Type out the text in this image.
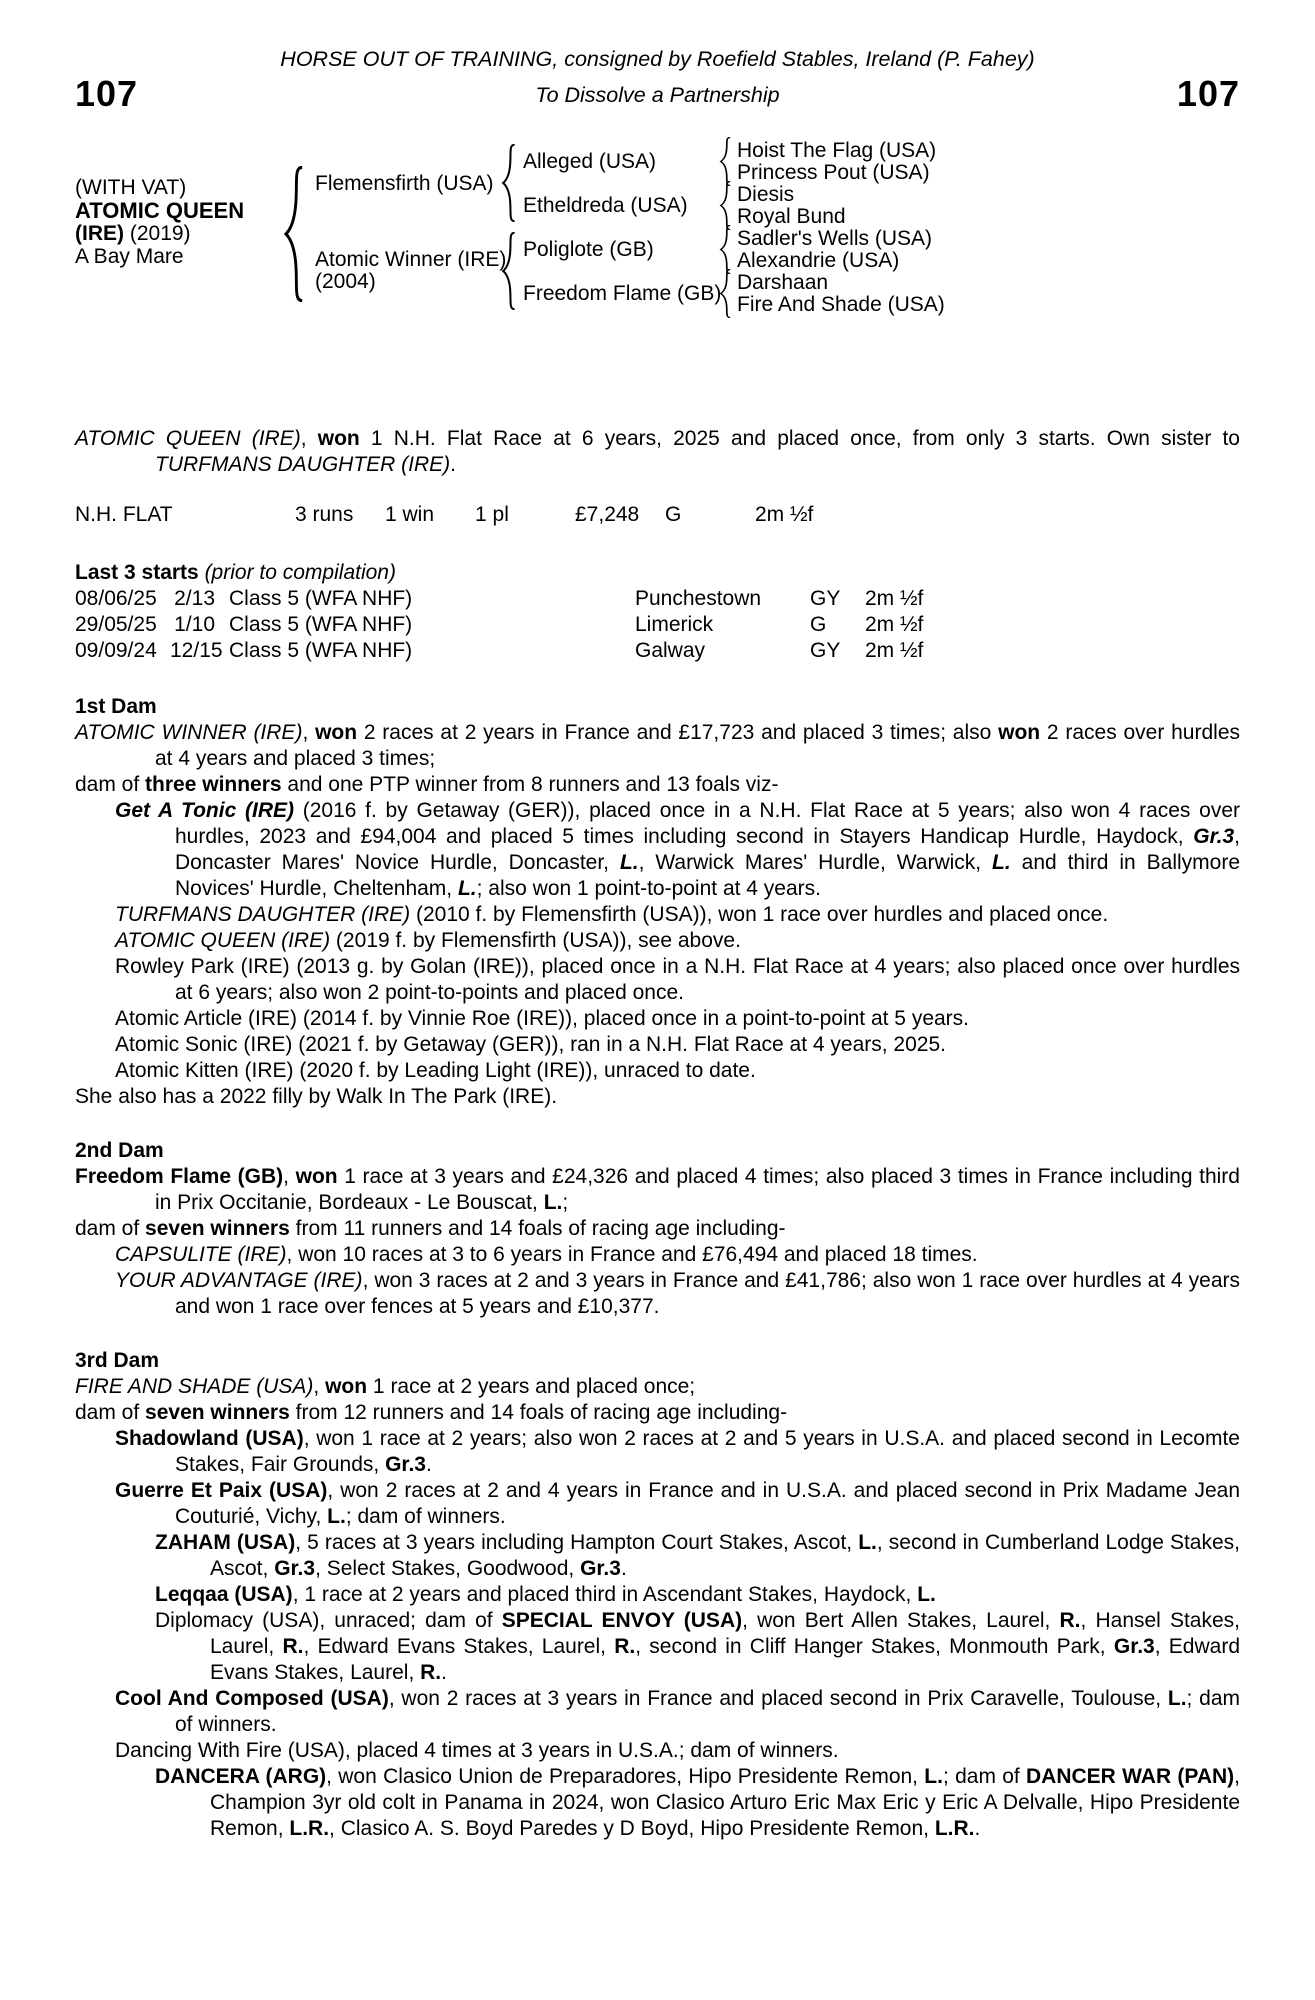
HORSE OUT OF TRAINING, consigned by Roefield Stables, Ireland (P. Fahey)
107	To Dissolve a Partnership	107
(WITH VAT)
ATOMIC QUEEN
(IRE) (2019)
A Bay Mare
Flemensfirth (USA)
Atomic Winner (IRE)
(2004)
Alleged (USA)
Etheldreda (USA)
Poliglote (GB)
Freedom Flame (GB)
Hoist The Flag (USA)
Princess Pout (USA)
Diesis
Royal Bund
Sadler's Wells (USA)
Alexandrie (USA)
Darshaan
Fire And Shade (USA)

ATOMIC QUEEN (IRE), won 1 N.H. Flat Race at 6 years, 2025 and placed once, from only 3 starts. Own sister to TURFMANS DAUGHTER (IRE).

N.H. FLAT	3 runs	1 win	1 pl	£7,248	G	2m ½f
Last 3 starts (prior to compilation)
08/06/25 2/13 Class 5 (WFA NHF)	Punchestown	GY	2m ½f
29/05/25 1/10 Class 5 (WFA NHF)	Limerick	G	2m ½f
09/09/24 12/15 Class 5 (WFA NHF)	Galway	GY	2m ½f
1st Dam

ATOMIC WINNER (IRE), won 2 races at 2 years in France and £17,723 and placed 3 times; also won 2 races over hurdles at 4 years and placed 3 times;

dam of three winners and one PTP winner from 8 runners and 13 foals viz-

Get A Tonic (IRE) (2016 f. by Getaway (GER)), placed once in a N.H. Flat Race at 5 years; also won 4 races over hurdles, 2023 and £94,004 and placed 5 times including second in Stayers Handicap Hurdle, Haydock, Gr.3, Doncaster Mares' Novice Hurdle, Doncaster, L., Warwick Mares' Hurdle, Warwick, L. and third in Ballymore Novices' Hurdle, Cheltenham, L.; also won 1 point-to-point at 4 years.

TURFMANS DAUGHTER (IRE) (2010 f. by Flemensfirth (USA)), won 1 race over hurdles and placed once.

ATOMIC QUEEN (IRE) (2019 f. by Flemensfirth (USA)), see above.

Rowley Park (IRE) (2013 g. by Golan (IRE)), placed once in a N.H. Flat Race at 4 years; also placed once over hurdles at 6 years; also won 2 point-to-points and placed once.

Atomic Article (IRE) (2014 f. by Vinnie Roe (IRE)), placed once in a point-to-point at 5 years.

Atomic Sonic (IRE) (2021 f. by Getaway (GER)), ran in a N.H. Flat Race at 4 years, 2025.

Atomic Kitten (IRE) (2020 f. by Leading Light (IRE)), unraced to date.

She also has a 2022 filly by Walk In The Park (IRE).

2nd Dam

Freedom Flame (GB), won 1 race at 3 years and £24,326 and placed 4 times; also placed 3 times in France including third in Prix Occitanie, Bordeaux - Le Bouscat, L.;

dam of seven winners from 11 runners and 14 foals of racing age including-

CAPSULITE (IRE), won 10 races at 3 to 6 years in France and £76,494 and placed 18 times.

YOUR ADVANTAGE (IRE), won 3 races at 2 and 3 years in France and £41,786; also won 1 race over hurdles at 4 years and won 1 race over fences at 5 years and £10,377.

3rd Dam

FIRE AND SHADE (USA), won 1 race at 2 years and placed once;

dam of seven winners from 12 runners and 14 foals of racing age including-

Shadowland (USA), won 1 race at 2 years; also won 2 races at 2 and 5 years in U.S.A. and placed second in Lecomte Stakes, Fair Grounds, Gr.3.

Guerre Et Paix (USA), won 2 races at 2 and 4 years in France and in U.S.A. and placed second in Prix Madame Jean Couturié, Vichy, L.; dam of winners.

ZAHAM (USA), 5 races at 3 years including Hampton Court Stakes, Ascot, L., second in Cumberland Lodge Stakes, Ascot, Gr.3, Select Stakes, Goodwood, Gr.3.

Leqqaa (USA), 1 race at 2 years and placed third in Ascendant Stakes, Haydock, L.

Diplomacy (USA), unraced; dam of SPECIAL ENVOY (USA), won Bert Allen Stakes, Laurel, R., Hansel Stakes, Laurel, R., Edward Evans Stakes, Laurel, R., second in Cliff Hanger Stakes, Monmouth Park, Gr.3, Edward Evans Stakes, Laurel, R..

Cool And Composed (USA), won 2 races at 3 years in France and placed second in Prix Caravelle, Toulouse, L.; dam of winners.

Dancing With Fire (USA), placed 4 times at 3 years in U.S.A.; dam of winners.

DANCERA (ARG), won Clasico Union de Preparadores, Hipo Presidente Remon, L.; dam of DANCER WAR (PAN), Champion 3yr old colt in Panama in 2024, won Clasico Arturo Eric Max Eric y Eric A Delvalle, Hipo Presidente Remon, L.R., Clasico A. S. Boyd Paredes y D Boyd, Hipo Presidente Remon, L.R..
